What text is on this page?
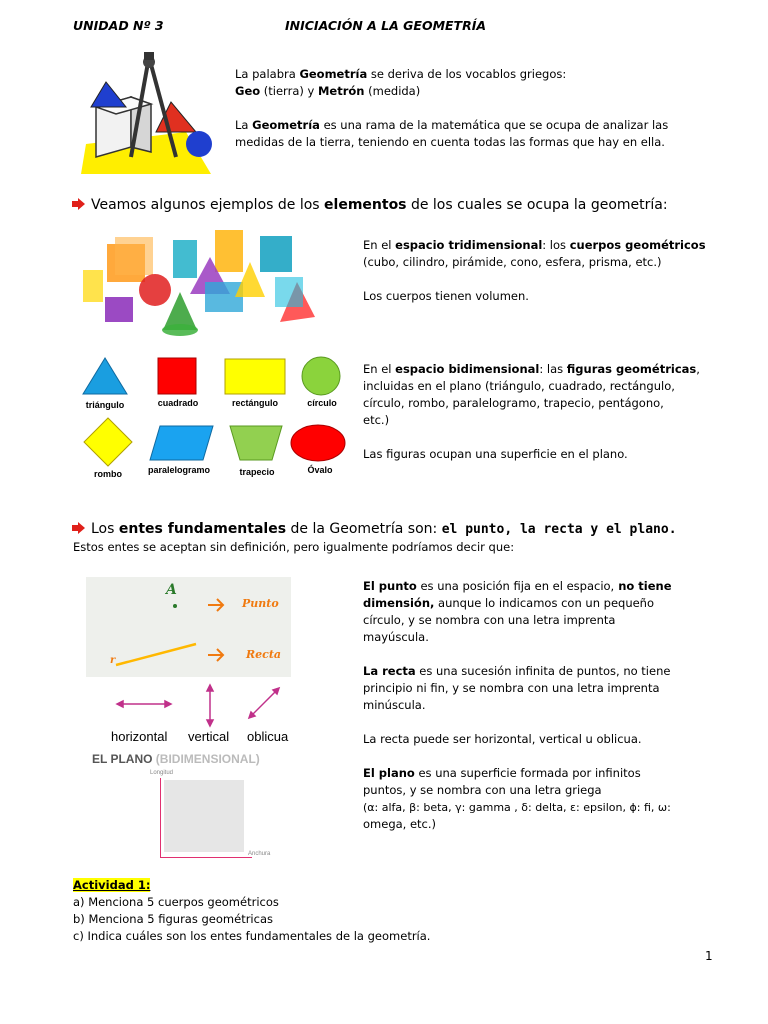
UNIDAD Nº 3	INICIACIÓN A LA GEOMETRÍA
La palabra Geometría se deriva de los vocablos griegos:
Geo (tierra) y Metrón (medida)
La Geometría es una rama de la matemática que se ocupa de analizar las
medidas de la tierra, teniendo en cuenta todas las formas que hay en ella.
Veamos algunos ejemplos de los elementos de los cuales se ocupa la geometría:
En el espacio tridimensional: los cuerpos geométricos
(cubo, cilindro, pirámide, cono, esfera, prisma, etc.)
Los cuerpos tienen volumen.
triángulo	cuadrado	rectángulo	círculo
rombo	paralelogramo	trapecio	Óvalo
En el espacio bidimensional: las figuras geométricas,
incluidas en el plano (triángulo, cuadrado, rectángulo,
círculo, rombo, paralelogramo, trapecio, pentágono,
etc.)
Las figuras ocupan una superficie en el plano.
Los entes fundamentales de la Geometría son: el punto, la recta y el plano.
Estos entes se aceptan sin definición, pero igualmente podríamos decir que:
A
Punto
r	Recta
horizontal vertical oblicua
EL PLANO (BIDIMENSIONAL)
Longitud
Anchura
El punto es una posición fija en el espacio, no tiene
dimensión, aunque lo indicamos con un pequeño
círculo, y se nombra con una letra imprenta
mayúscula.
La recta es una sucesión infinita de puntos, no tiene
principio ni fin, y se nombra con una letra imprenta
minúscula.
La recta puede ser horizontal, vertical u oblicua.
El plano es una superficie formada por infinitos
puntos, y se nombra con una letra griega
(α: alfa, β: beta, γ: gamma , δ: delta, ε: epsilon, ϕ: fi, ω:
omega, etc.)
Actividad 1:
a) Menciona 5 cuerpos geométricos
b) Menciona 5 figuras geométricas
c) Indica cuáles son los entes fundamentales de la geometría.
1
